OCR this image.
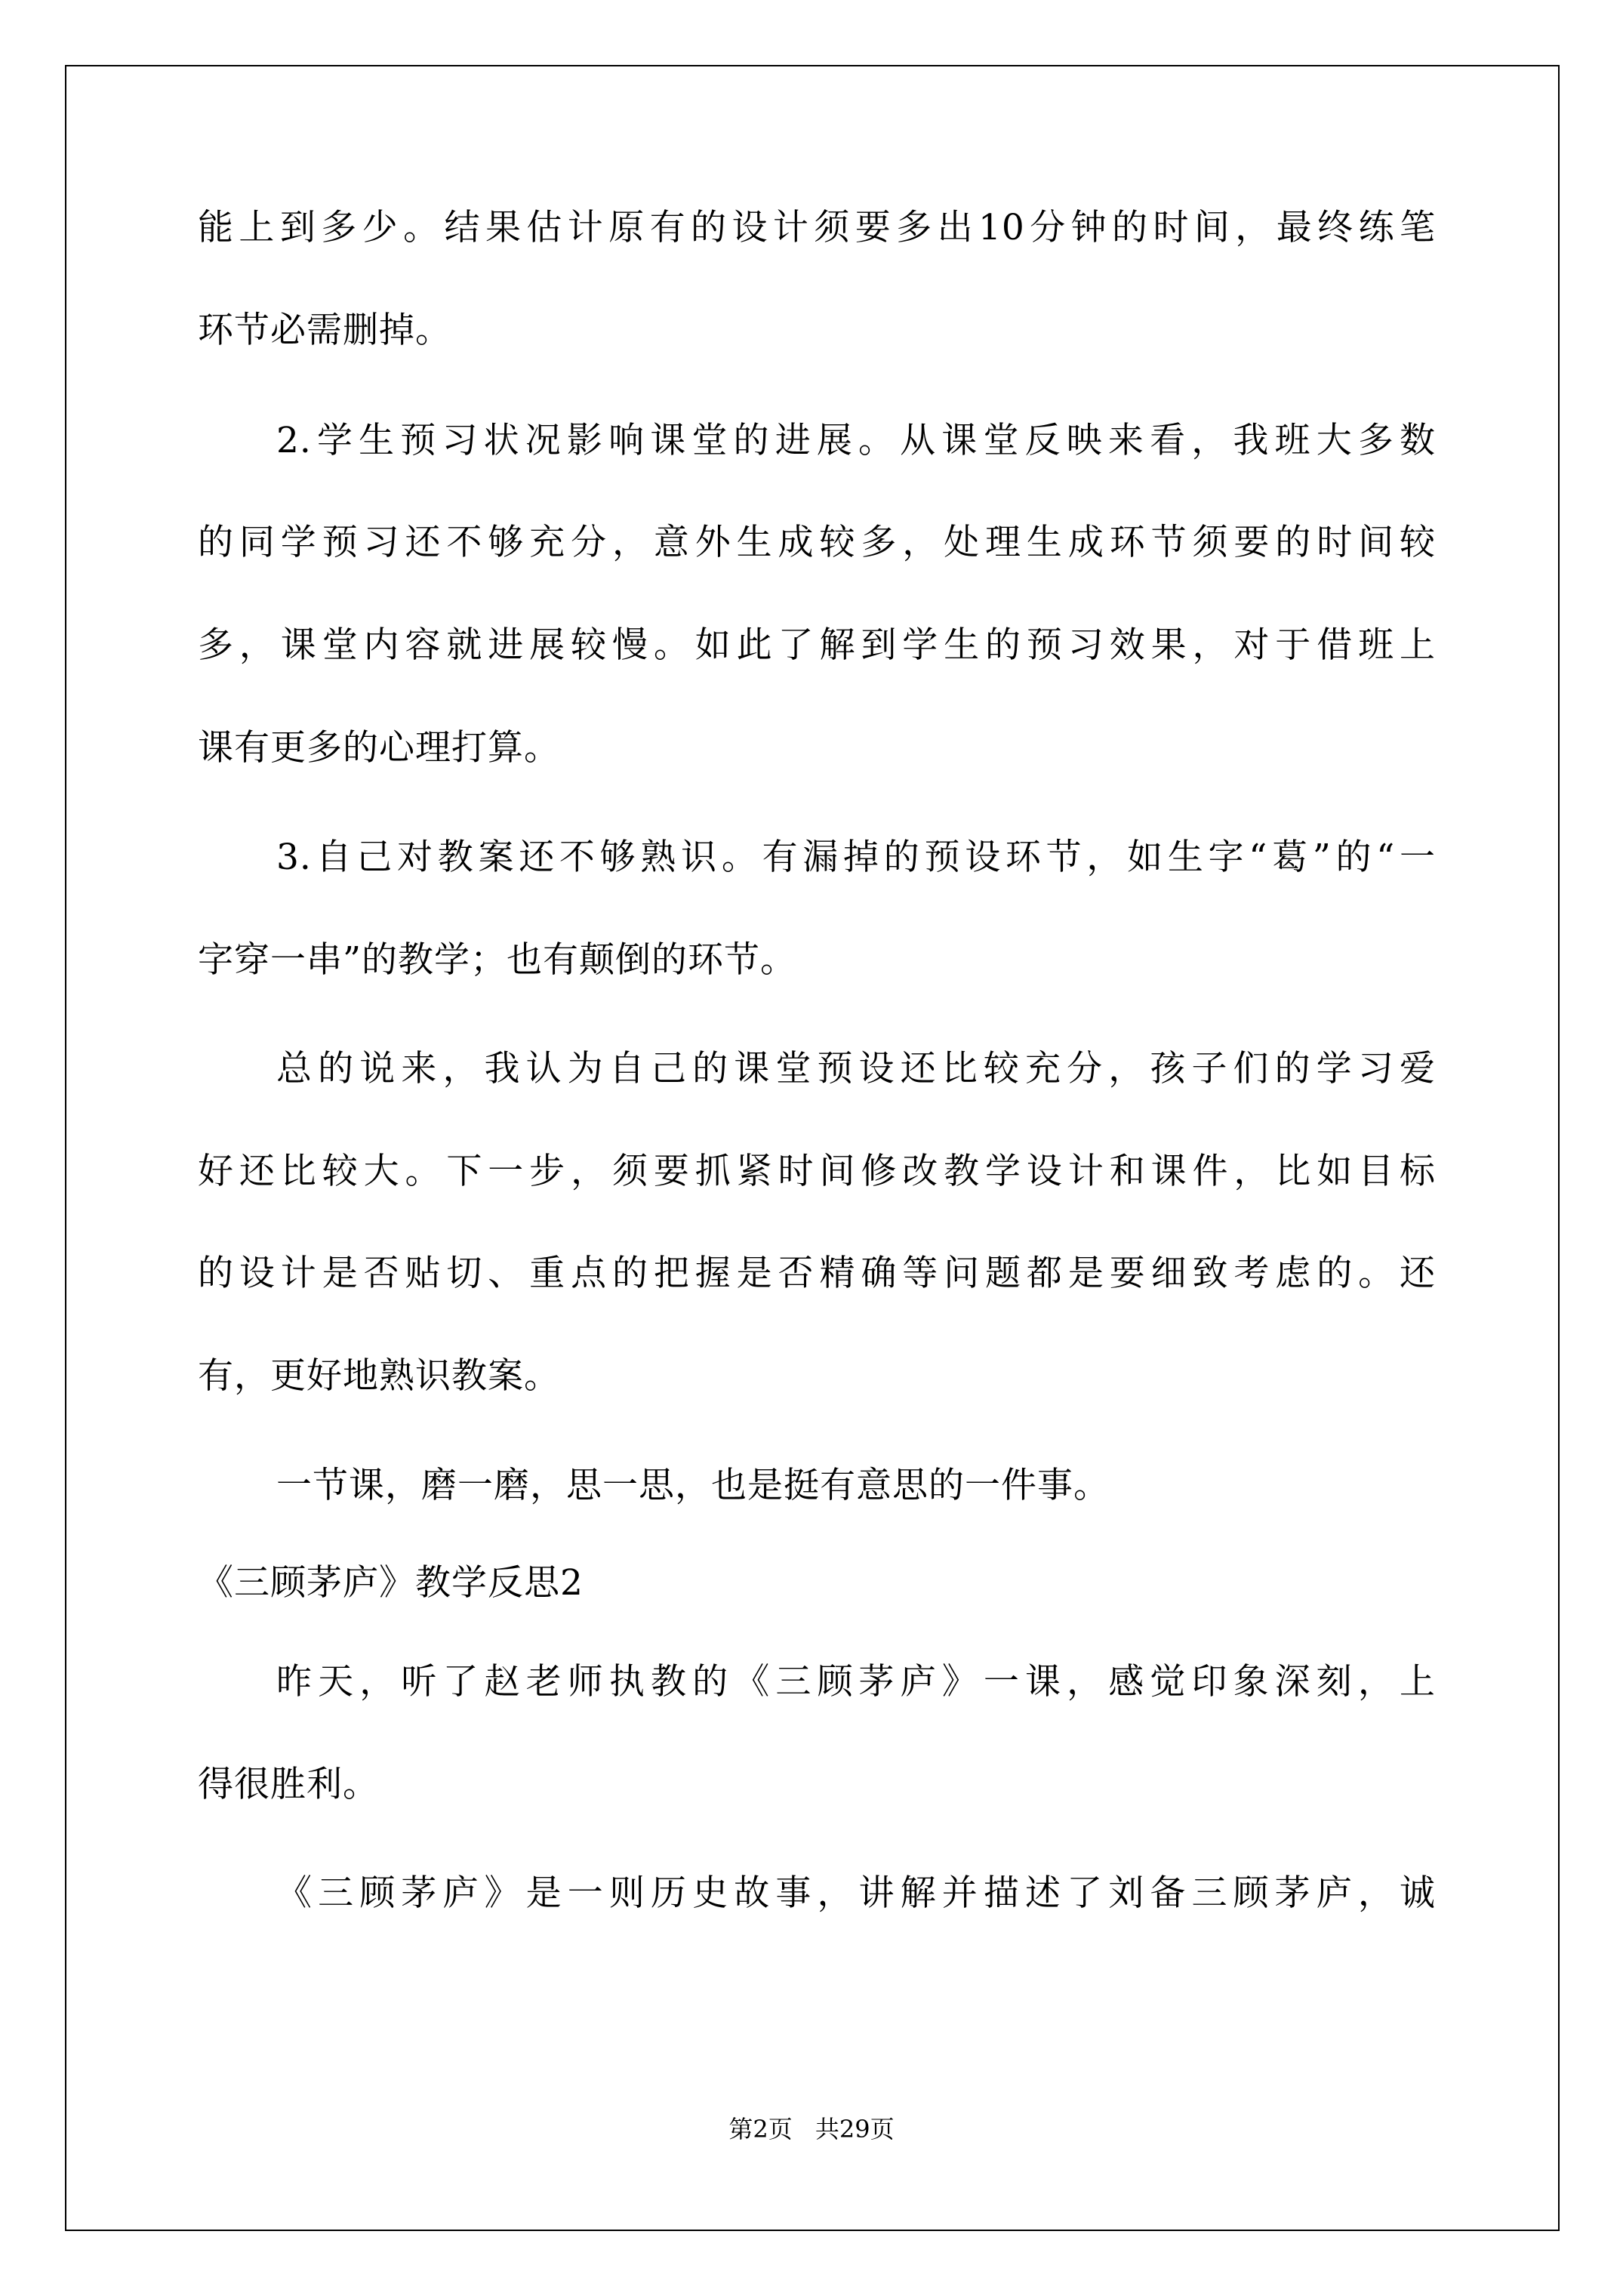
能上到多少。结果估计原有的设计须要多出10分钟的时间，最终练笔
环节必需删掉。
2.学生预习状况影响课堂的进展。从课堂反映来看，我班大多数
的同学预习还不够充分，意外生成较多，处理生成环节须要的时间较
多，课堂内容就进展较慢。如此了解到学生的预习效果，对于借班上
课有更多的心理打算。
3.自己对教案还不够熟识。有漏掉的预设环节，如生字“葛”的“一
字穿一串”的教学；也有颠倒的环节。
总的说来，我认为自己的课堂预设还比较充分，孩子们的学习爱
好还比较大。下一步，须要抓紧时间修改教学设计和课件，比如目标
的设计是否贴切、重点的把握是否精确等问题都是要细致考虑的。还
有，更好地熟识教案。
一节课，磨一磨，思一思，也是挺有意思的一件事。
《三顾茅庐》教学反思2
昨天，听了赵老师执教的《三顾茅庐》一课，感觉印象深刻，上
得很胜利。
《三顾茅庐》是一则历史故事，讲解并描述了刘备三顾茅庐，诚
第2页 共29页
